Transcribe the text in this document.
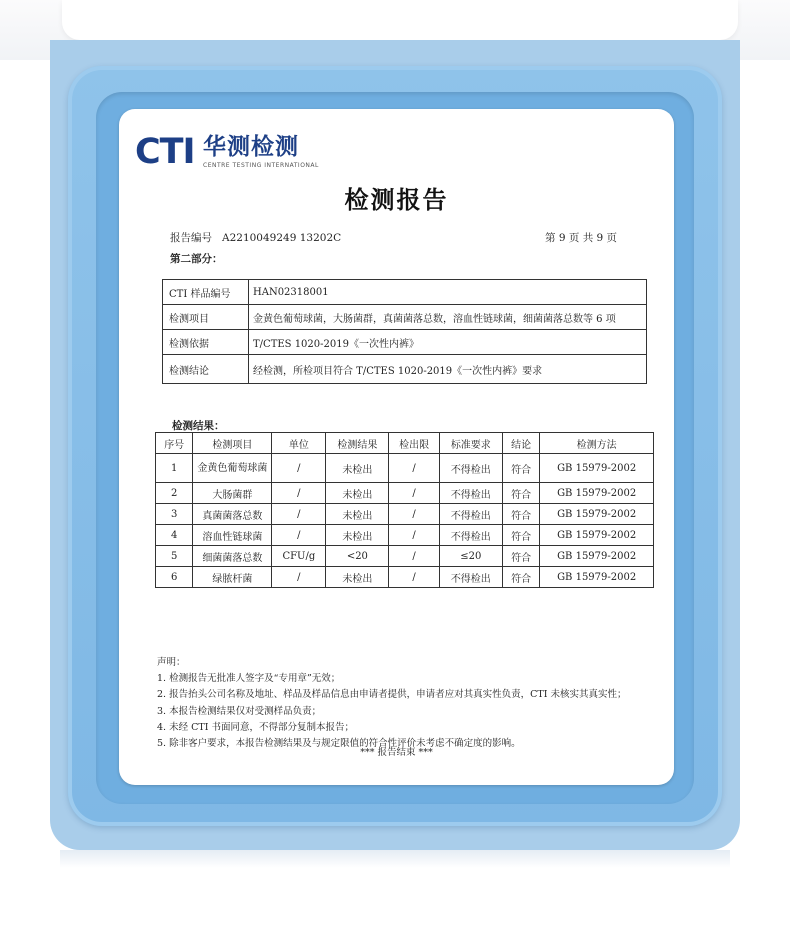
CTI 华测检测
CENTRE TESTING INTERNATIONAL
检测报告
报告编号 A2210049249 13202C	第 9 页 共 9 页
第二部分：
CTI 样品编号	HAN02318001
检测项目	金黄色葡萄球菌，大肠菌群，真菌菌落总数，溶血性链球菌，细菌菌落总数等 6 项
检测依据	T/CTES 1020-2019《一次性内裤》
检测结论	经检测，所检项目符合 T/CTES 1020-2019《一次性内裤》要求
检测结果：
序号	检测项目	单位	检测结果	检出限	标准要求	结论	检测方法
1	金黄色葡萄球菌	/	未检出	/	不得检出	符合	GB 15979-2002
2	大肠菌群	/	未检出	/	不得检出	符合	GB 15979-2002
3	真菌菌落总数	/	未检出	/	不得检出	符合	GB 15979-2002
4	溶血性链球菌	/	未检出	/	不得检出	符合	GB 15979-2002
5	细菌菌落总数	CFU/g	<20	/	≤20	符合	GB 15979-2002
6	绿脓杆菌	/	未检出	/	不得检出	符合	GB 15979-2002
声明：
1. 检测报告无批准人签字及“专用章”无效；
2. 报告抬头公司名称及地址、样品及样品信息由申请者提供，申请者应对其真实性负责，CTI 未核实其真实性；
3. 本报告检测结果仅对受测样品负责；
4. 未经 CTI 书面同意，不得部分复制本报告；
5. 除非客户要求，本报告检测结果及与规定限值的符合性评价未考虑不确定度的影响。
*** 报告结束 ***
